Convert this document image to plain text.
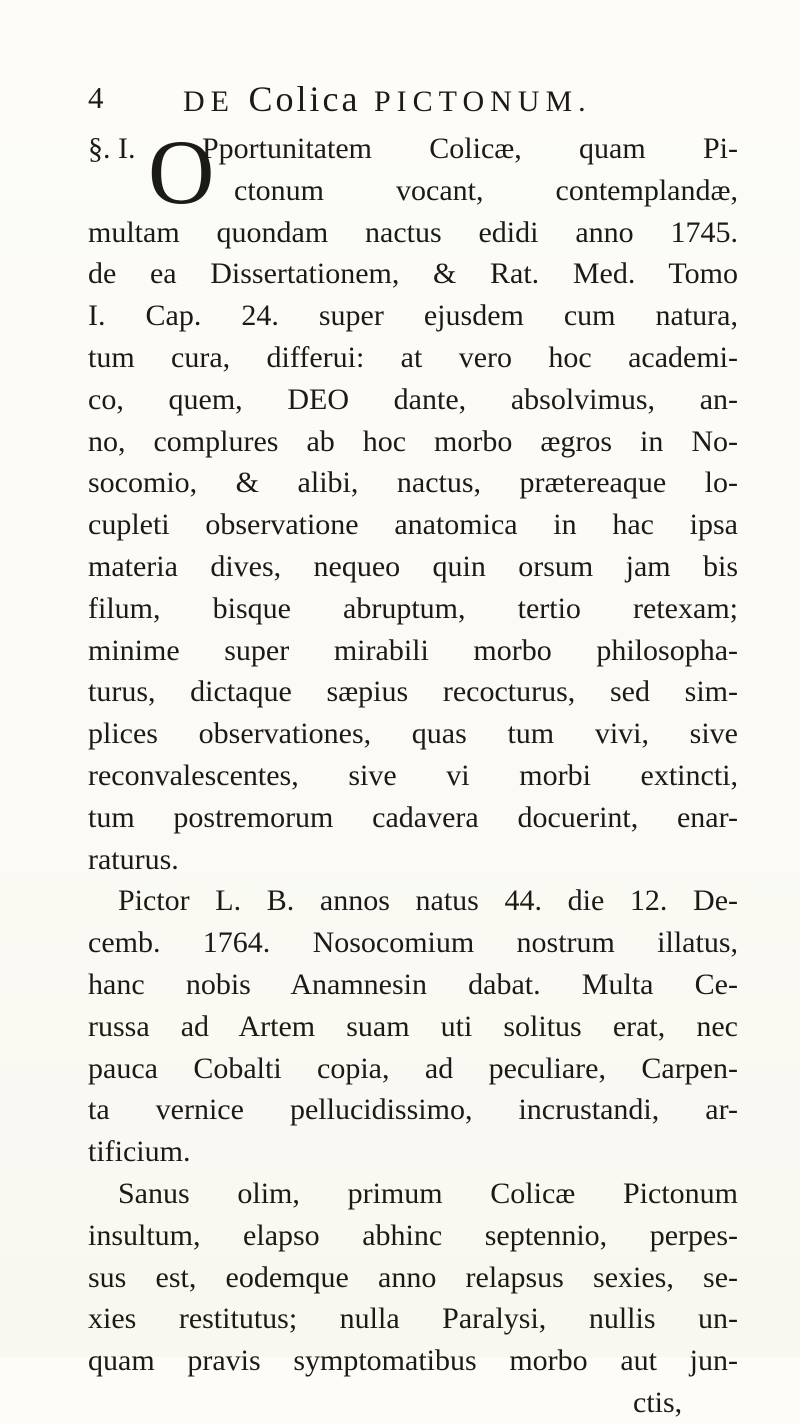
4	DE Colica PICTONUM.
O
§. I. Pportunitatem Colicæ, quam Pi-
ctonum vocant, contemplandæ,
multam quondam nactus edidi anno 1745.
de ea Dissertationem, & Rat. Med. Tomo
I. Cap. 24. super ejusdem cum natura,
tum cura, differui: at vero hoc academi-
co, quem, DEO dante, absolvimus, an-
no, complures ab hoc morbo ægros in No-
socomio, & alibi, nactus, prætereaque lo-
cupleti observatione anatomica in hac ipsa
materia dives, nequeo quin orsum jam bis
filum, bisque abruptum, tertio retexam;
minime super mirabili morbo philosopha-
turus, dictaque sæpius recocturus, sed sim-
plices observationes, quas tum vivi, sive
reconvalescentes, sive vi morbi extincti,
tum postremorum cadavera docuerint, enar-
raturus.
Pictor L. B. annos natus 44. die 12. De-
cemb. 1764. Nosocomium nostrum illatus,
hanc nobis Anamnesin dabat. Multa Ce-
russa ad Artem suam uti solitus erat, nec
pauca Cobalti copia, ad peculiare, Carpen-
ta vernice pellucidissimo, incrustandi, ar-
tificium.
Sanus olim, primum Colicæ Pictonum
insultum, elapso abhinc septennio, perpes-
sus est, eodemque anno relapsus sexies, se-
xies restitutus; nulla Paralysi, nullis un-
quam pravis symptomatibus morbo aut jun-
ctis,
